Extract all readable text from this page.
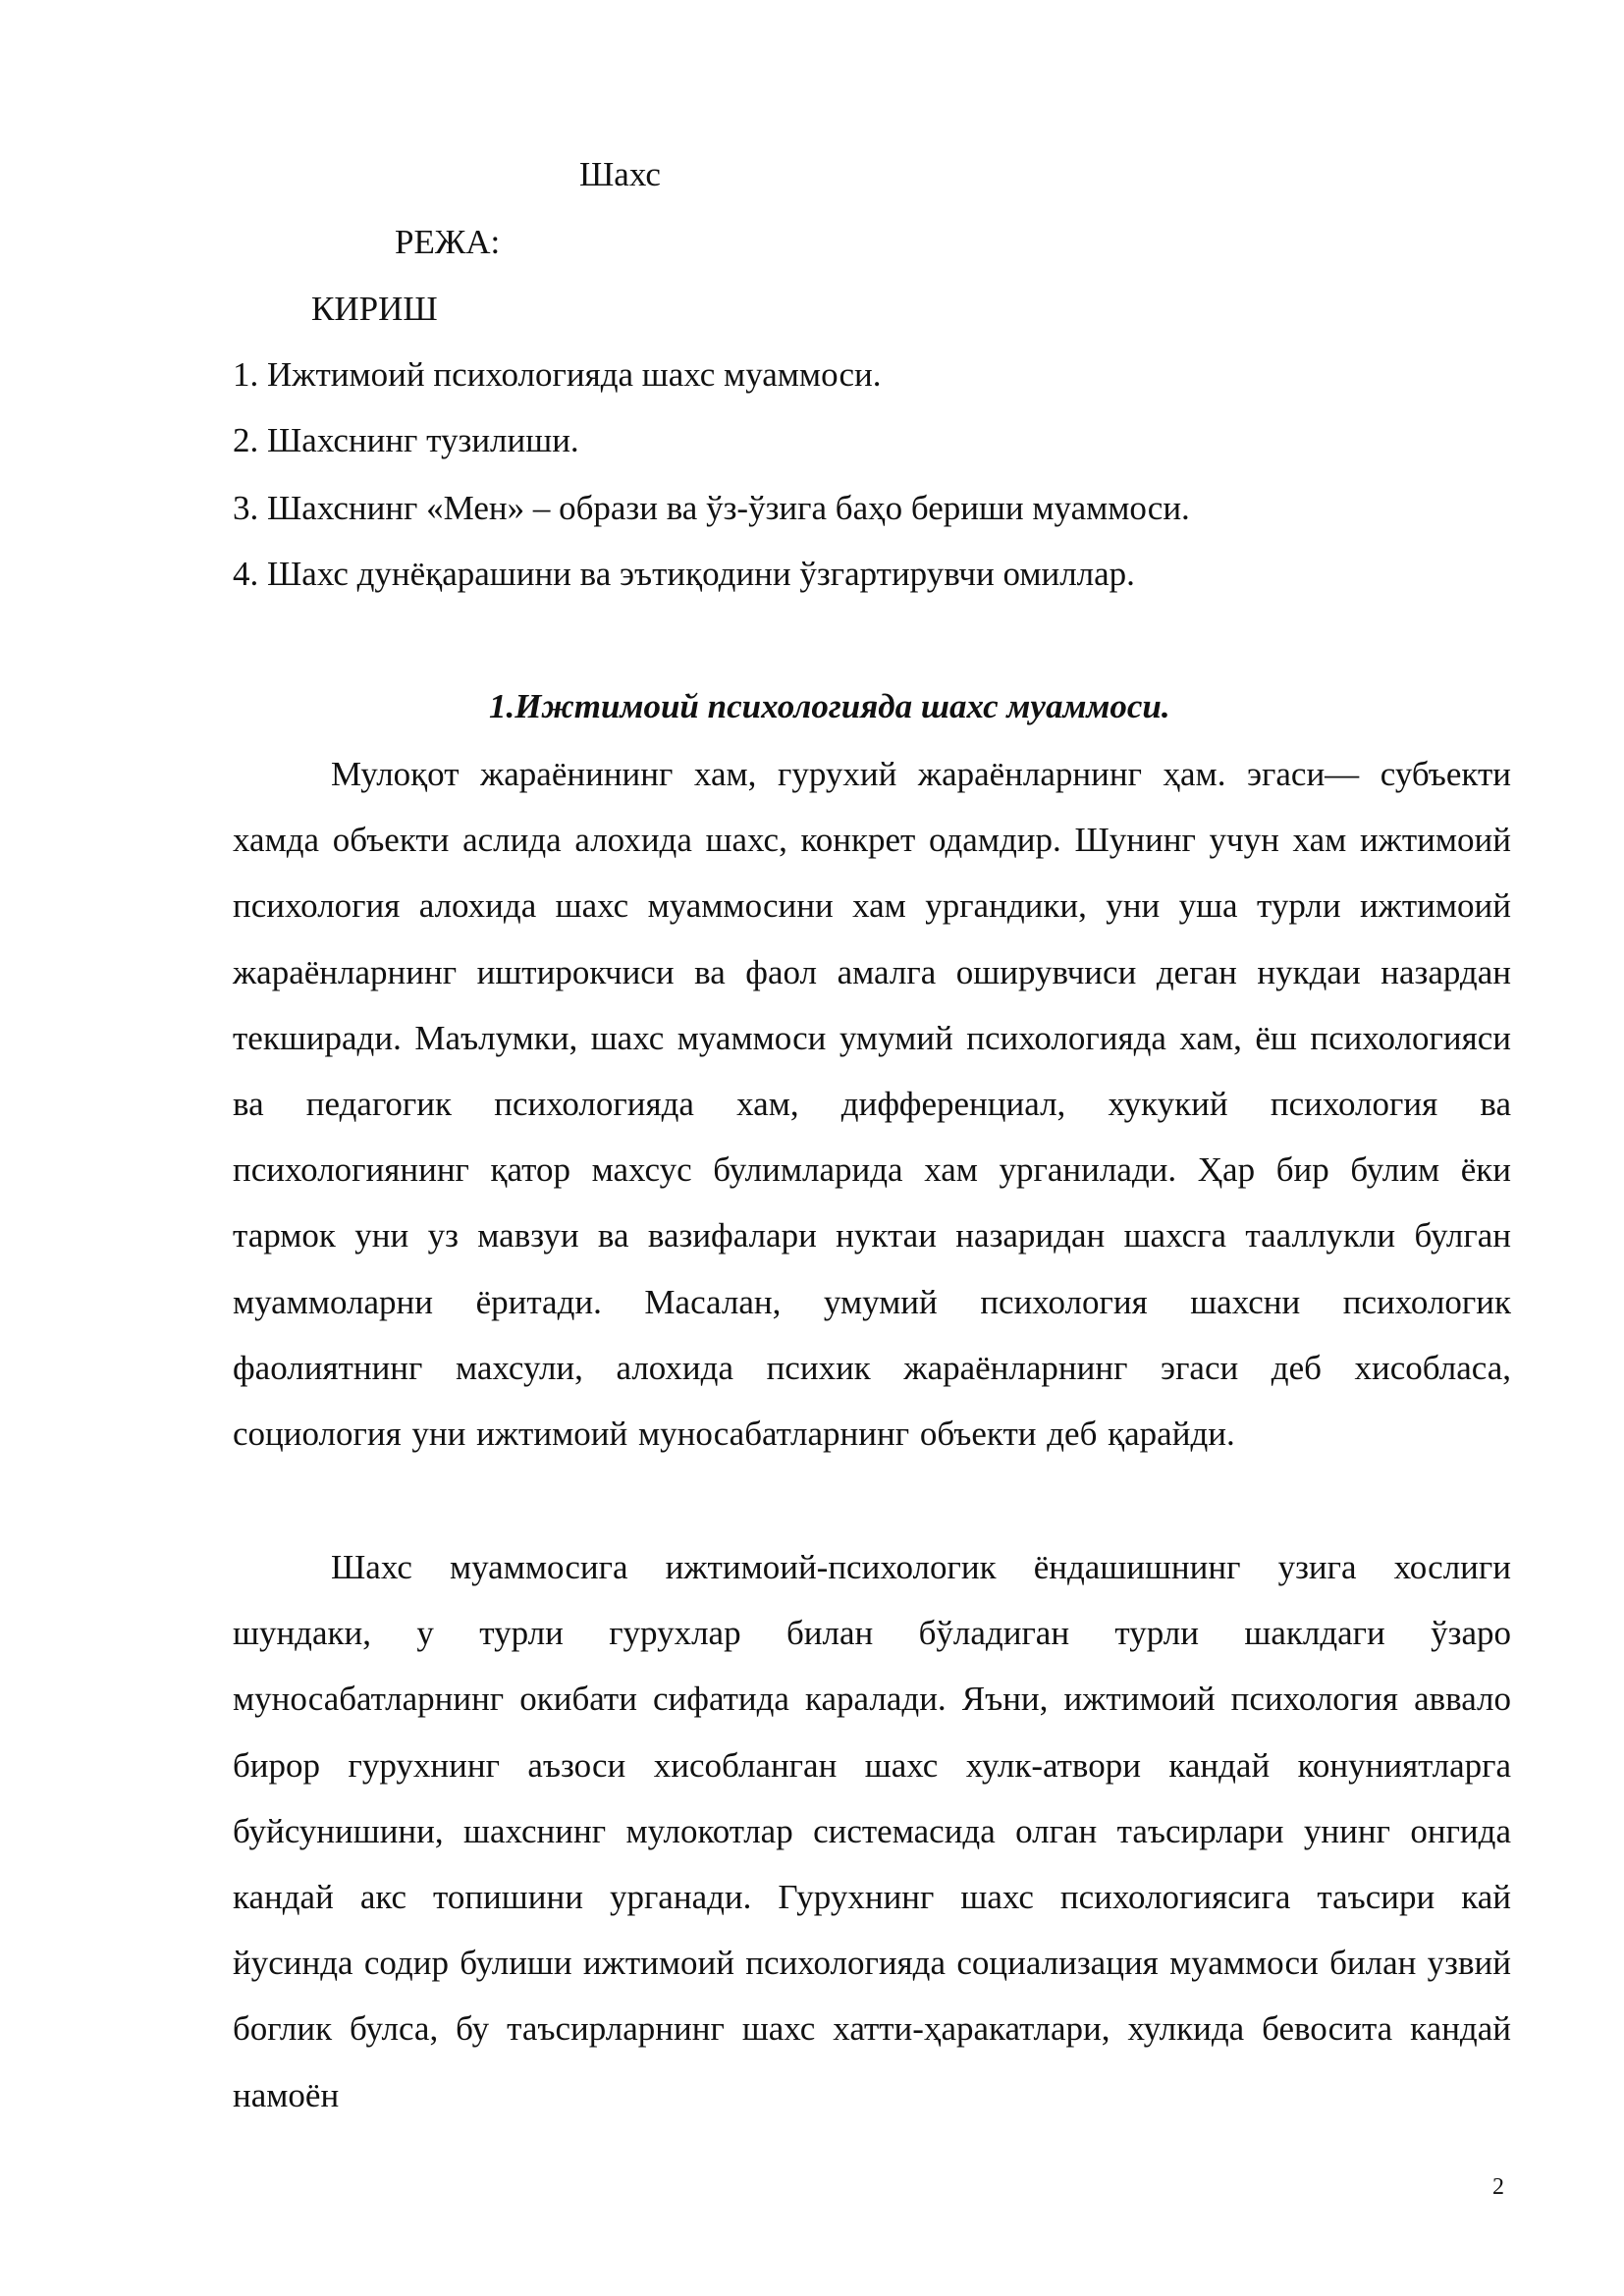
Шахс
РЕЖА:
КИРИШ
1. Ижтимоий психологияда шахс муаммоси.
2. Шахснинг тузилиши.
3. Шахснинг «Мен» – образи ва ўз-ўзига баҳо бериши муаммоси.
4. Шахс дунёқарашини ва эътиқодини ўзгартирувчи омиллар.
1.Ижтимоий психологияда шахс муаммоси.

Мулоқот жараёнининг хам, гурухий жараёнларнинг ҳам. эгаси— субъекти хамда объекти аслида алохида шахс, конкрет одамдир. Шунинг учун хам ижтимоий психология алохида шахс муаммосини хам ургандики, уни уша турли ижтимоий жараёнларнинг иштирокчиси ва фаол амалга оширувчиси деган нукдаи назардан текширади. Маълумки, шахс муаммоси умумий психологияда хам, ёш психологияси ва педагогик психологияда хам, дифференциал, хукукий психология ва психологиянинг қатор махсус булимларида хам урганилади. Ҳар бир булим ёки тармок уни уз мавзуи ва вазифалари нуктаи назаридан шахсга тааллукли булган муаммоларни ёритади. Масалан, умумий психология шахсни психологик фаолиятнинг махсули, алохида психик жараёнларнинг эгаси деб хисобласа, социология уни ижтимоий муносабатларнинг объекти деб қарайди.

Шахс муаммосига ижтимоий-психологик ёндашишнинг узига хослиги шундаки, у турли гурухлар билан бўладиган турли шаклдаги ўзаро муносабатларнинг окибати сифатида каралади. Яъни, ижтимоий психология аввало бирор гурухнинг аъзоси хисобланган шахс хулк-атвори кандай конуниятларга буйсунишини, шахснинг мулокотлар системасида олган таъсирлари унинг онгида кандай акс топишини урганади. Гурухнинг шахс психологиясига таъсири кай йусинда содир булиши ижтимоий психологияда социализация муаммоси билан узвий боглик булса, бу таъсирларнинг шахс хатти-ҳаракатлари, хулкида бевосита кандай намоён

2
